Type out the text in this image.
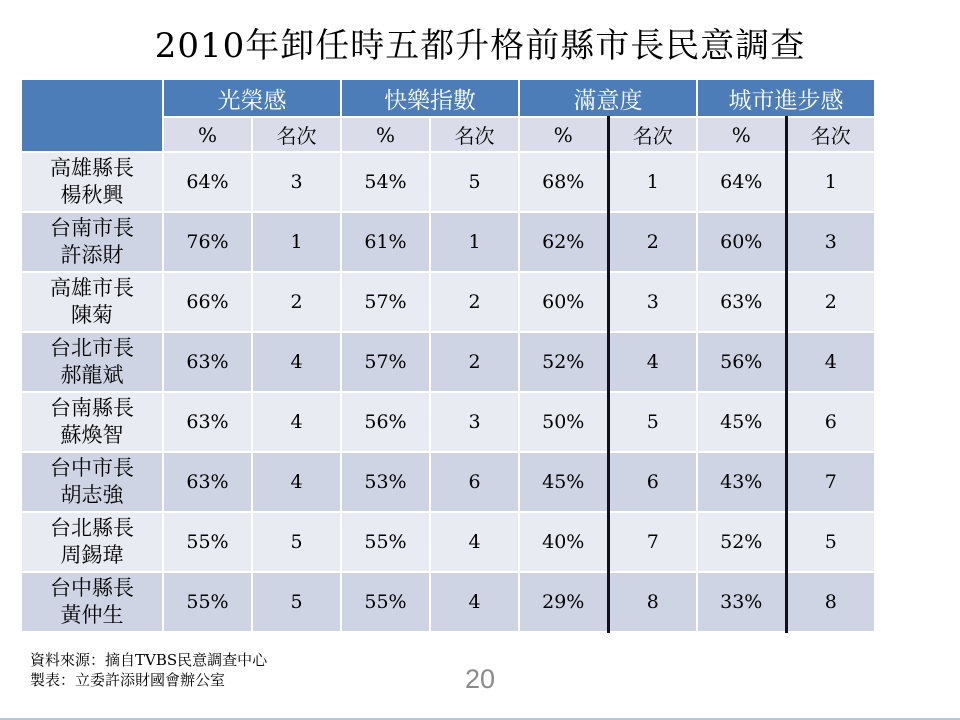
2010年卸任時五都升格前縣市長民意調查
	光榮感		快樂指數		滿意度		城市進步感	
	%	名次	%	名次	%	名次	%	名次

高雄縣長
楊秋興	64%	3	54%	5	68%	1	64%	1

台南市長
許添財	76%	1	61%	1	62%	2	60%	3

高雄市長
陳菊	66%	2	57%	2	60%	3	63%	2

台北市長
郝龍斌	63%	4	57%	2	52%	4	56%	4

台南縣長
蘇煥智	63%	4	56%	3	50%	5	45%	6

台中市長
胡志強	63%	4	53%	6	45%	6	43%	7

台北縣長
周錫瑋	55%	5	55%	4	40%	7	52%	5

台中縣長
黃仲生	55%	5	55%	4	29%	8	33%	8
資料來源：摘自TVBS民意調查中心
製表：立委許添財國會辦公室	20
